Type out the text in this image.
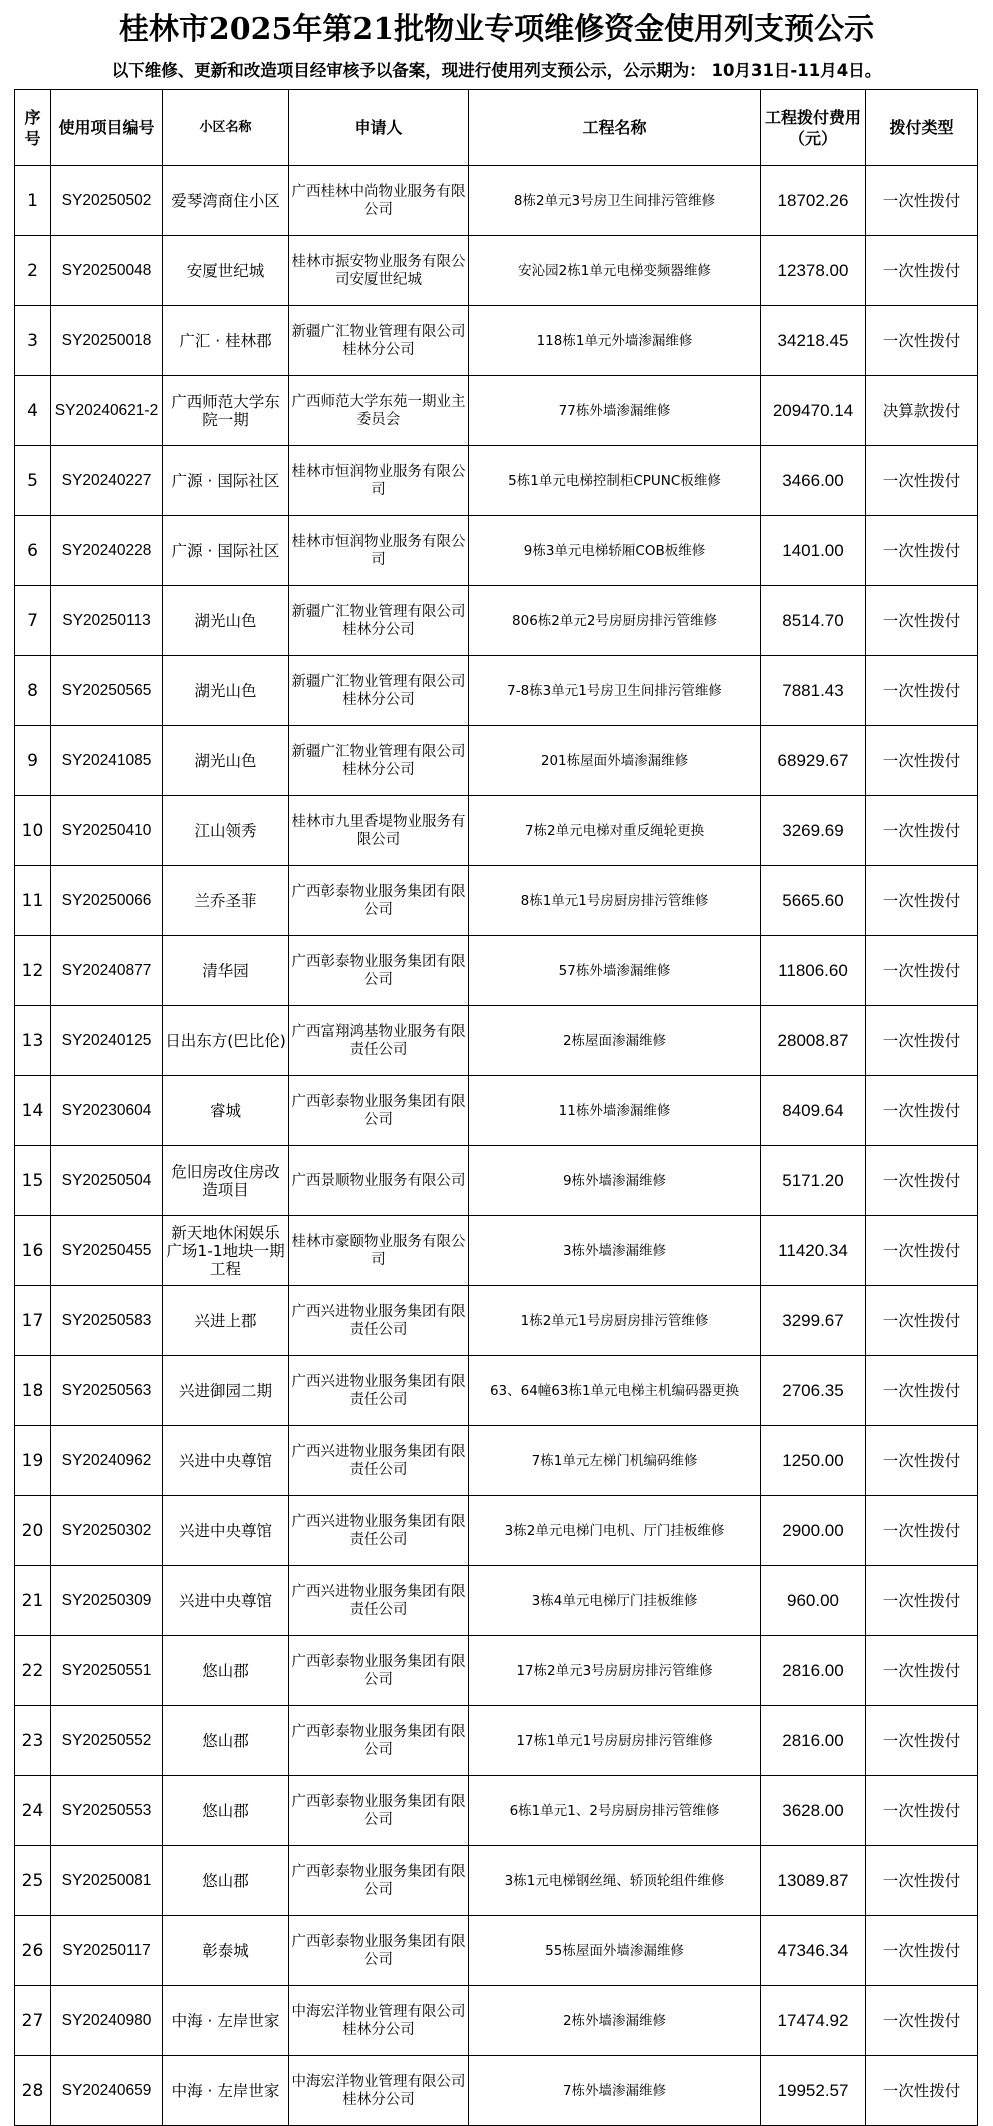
桂林市2025年第21批物业专项维修资金使用列支预公示
以下维修、更新和改造项目经审核予以备案，现进行使用列支预公示，公示期为： 10月31日-11月4日。
序号	使用项目编号	小区名称	申请人	工程名称	工程拨付费用（元）	拨付类型
1	SY20250502	爱琴湾商住小区	广西桂林中尚物业服务有限公司	8栋2单元3号房卫生间排污管维修	18702.26	一次性拨付
2	SY20250048	安厦世纪城	桂林市振安物业服务有限公司安厦世纪城	安沁园2栋1单元电梯变频器维修	12378.00	一次性拨付
3	SY20250018	广汇 · 桂林郡	新疆广汇物业管理有限公司桂林分公司	118栋1单元外墙渗漏维修	34218.45	一次性拨付
4	SY20240621-2	广西师范大学东院一期	广西师范大学东苑一期业主委员会	77栋外墙渗漏维修	209470.14	决算款拨付
5	SY20240227	广源 · 国际社区	桂林市恒润物业服务有限公司	5栋1单元电梯控制柜CPUNC板维修	3466.00	一次性拨付
6	SY20240228	广源 · 国际社区	桂林市恒润物业服务有限公司	9栋3单元电梯轿厢COB板维修	1401.00	一次性拨付
7	SY20250113	湖光山色	新疆广汇物业管理有限公司桂林分公司	806栋2单元2号房厨房排污管维修	8514.70	一次性拨付
8	SY20250565	湖光山色	新疆广汇物业管理有限公司桂林分公司	7-8栋3单元1号房卫生间排污管维修	7881.43	一次性拨付
9	SY20241085	湖光山色	新疆广汇物业管理有限公司桂林分公司	201栋屋面外墙渗漏维修	68929.67	一次性拨付
10	SY20250410	江山领秀	桂林市九里香堤物业服务有限公司	7栋2单元电梯对重反绳轮更换	3269.69	一次性拨付
11	SY20250066	兰乔圣菲	广西彰泰物业服务集团有限公司	8栋1单元1号房厨房排污管维修	5665.60	一次性拨付
12	SY20240877	清华园	广西彰泰物业服务集团有限公司	57栋外墙渗漏维修	11806.60	一次性拨付
13	SY20240125	日出东方(巴比伦)	广西富翔鸿基物业服务有限责任公司	2栋屋面渗漏维修	28008.87	一次性拨付
14	SY20230604	睿城	广西彰泰物业服务集团有限公司	11栋外墙渗漏维修	8409.64	一次性拨付
15	SY20250504	危旧房改住房改造项目	广西景顺物业服务有限公司	9栋外墙渗漏维修	5171.20	一次性拨付
16	SY20250455	新天地休闲娱乐广场1-1地块一期工程	桂林市豪颐物业服务有限公司	3栋外墙渗漏维修	11420.34	一次性拨付
17	SY20250583	兴进上郡	广西兴进物业服务集团有限责任公司	1栋2单元1号房厨房排污管维修	3299.67	一次性拨付
18	SY20250563	兴进御园二期	广西兴进物业服务集团有限责任公司	63、64幢63栋1单元电梯主机编码器更换	2706.35	一次性拨付
19	SY20240962	兴进中央尊馆	广西兴进物业服务集团有限责任公司	7栋1单元左梯门机编码维修	1250.00	一次性拨付
20	SY20250302	兴进中央尊馆	广西兴进物业服务集团有限责任公司	3栋2单元电梯门电机、厅门挂板维修	2900.00	一次性拨付
21	SY20250309	兴进中央尊馆	广西兴进物业服务集团有限责任公司	3栋4单元电梯厅门挂板维修	960.00	一次性拨付
22	SY20250551	悠山郡	广西彰泰物业服务集团有限公司	17栋2单元3号房厨房排污管维修	2816.00	一次性拨付
23	SY20250552	悠山郡	广西彰泰物业服务集团有限公司	17栋1单元1号房厨房排污管维修	2816.00	一次性拨付
24	SY20250553	悠山郡	广西彰泰物业服务集团有限公司	6栋1单元1、2号房厨房排污管维修	3628.00	一次性拨付
25	SY20250081	悠山郡	广西彰泰物业服务集团有限公司	3栋1元电梯钢丝绳、轿顶轮组件维修	13089.87	一次性拨付
26	SY20250117	彰泰城	广西彰泰物业服务集团有限公司	55栋屋面外墙渗漏维修	47346.34	一次性拨付
27	SY20240980	中海 · 左岸世家	中海宏洋物业管理有限公司桂林分公司	2栋外墙渗漏维修	17474.92	一次性拨付
28	SY20240659	中海 · 左岸世家	中海宏洋物业管理有限公司桂林分公司	7栋外墙渗漏维修	19952.57	一次性拨付
